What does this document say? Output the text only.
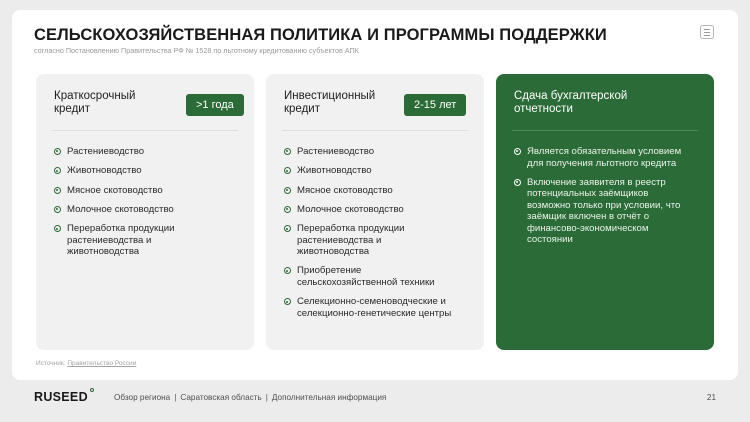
СЕЛЬСКОХОЗЯЙСТВЕННАЯ ПОЛИТИКА И ПРОГРАММЫ ПОДДЕРЖКИ
согласно Постановлению Правительства РФ № 1528 по льготному кредитованию субъектов АПК
Краткосрочный кредит	>1 года
Растениеводство
Животноводство
Мясное скотоводство
Молочное скотоводство
Переработка продукции растениеводства и животноводства
Инвестиционный кредит	2-15 лет
Растениеводство
Животноводство
Мясное скотоводство
Молочное скотоводство
Переработка продукции растениеводства и животноводства
Приобретение сельскохозяйственной техники
Селекционно-семеноводческие и селекционно-генетические центры
Сдача бухгалтерской отчетности
Является обязательным условием для получения льготного кредита
Включение заявителя в реестр потенциальных заёмщиков возможно только при условии, что заёмщик включен в отчёт о финансово-экономическом состоянии
Источник: Правительство России
RUSEED	Обзор региона | Саратовская область | Дополнительная информация	21
